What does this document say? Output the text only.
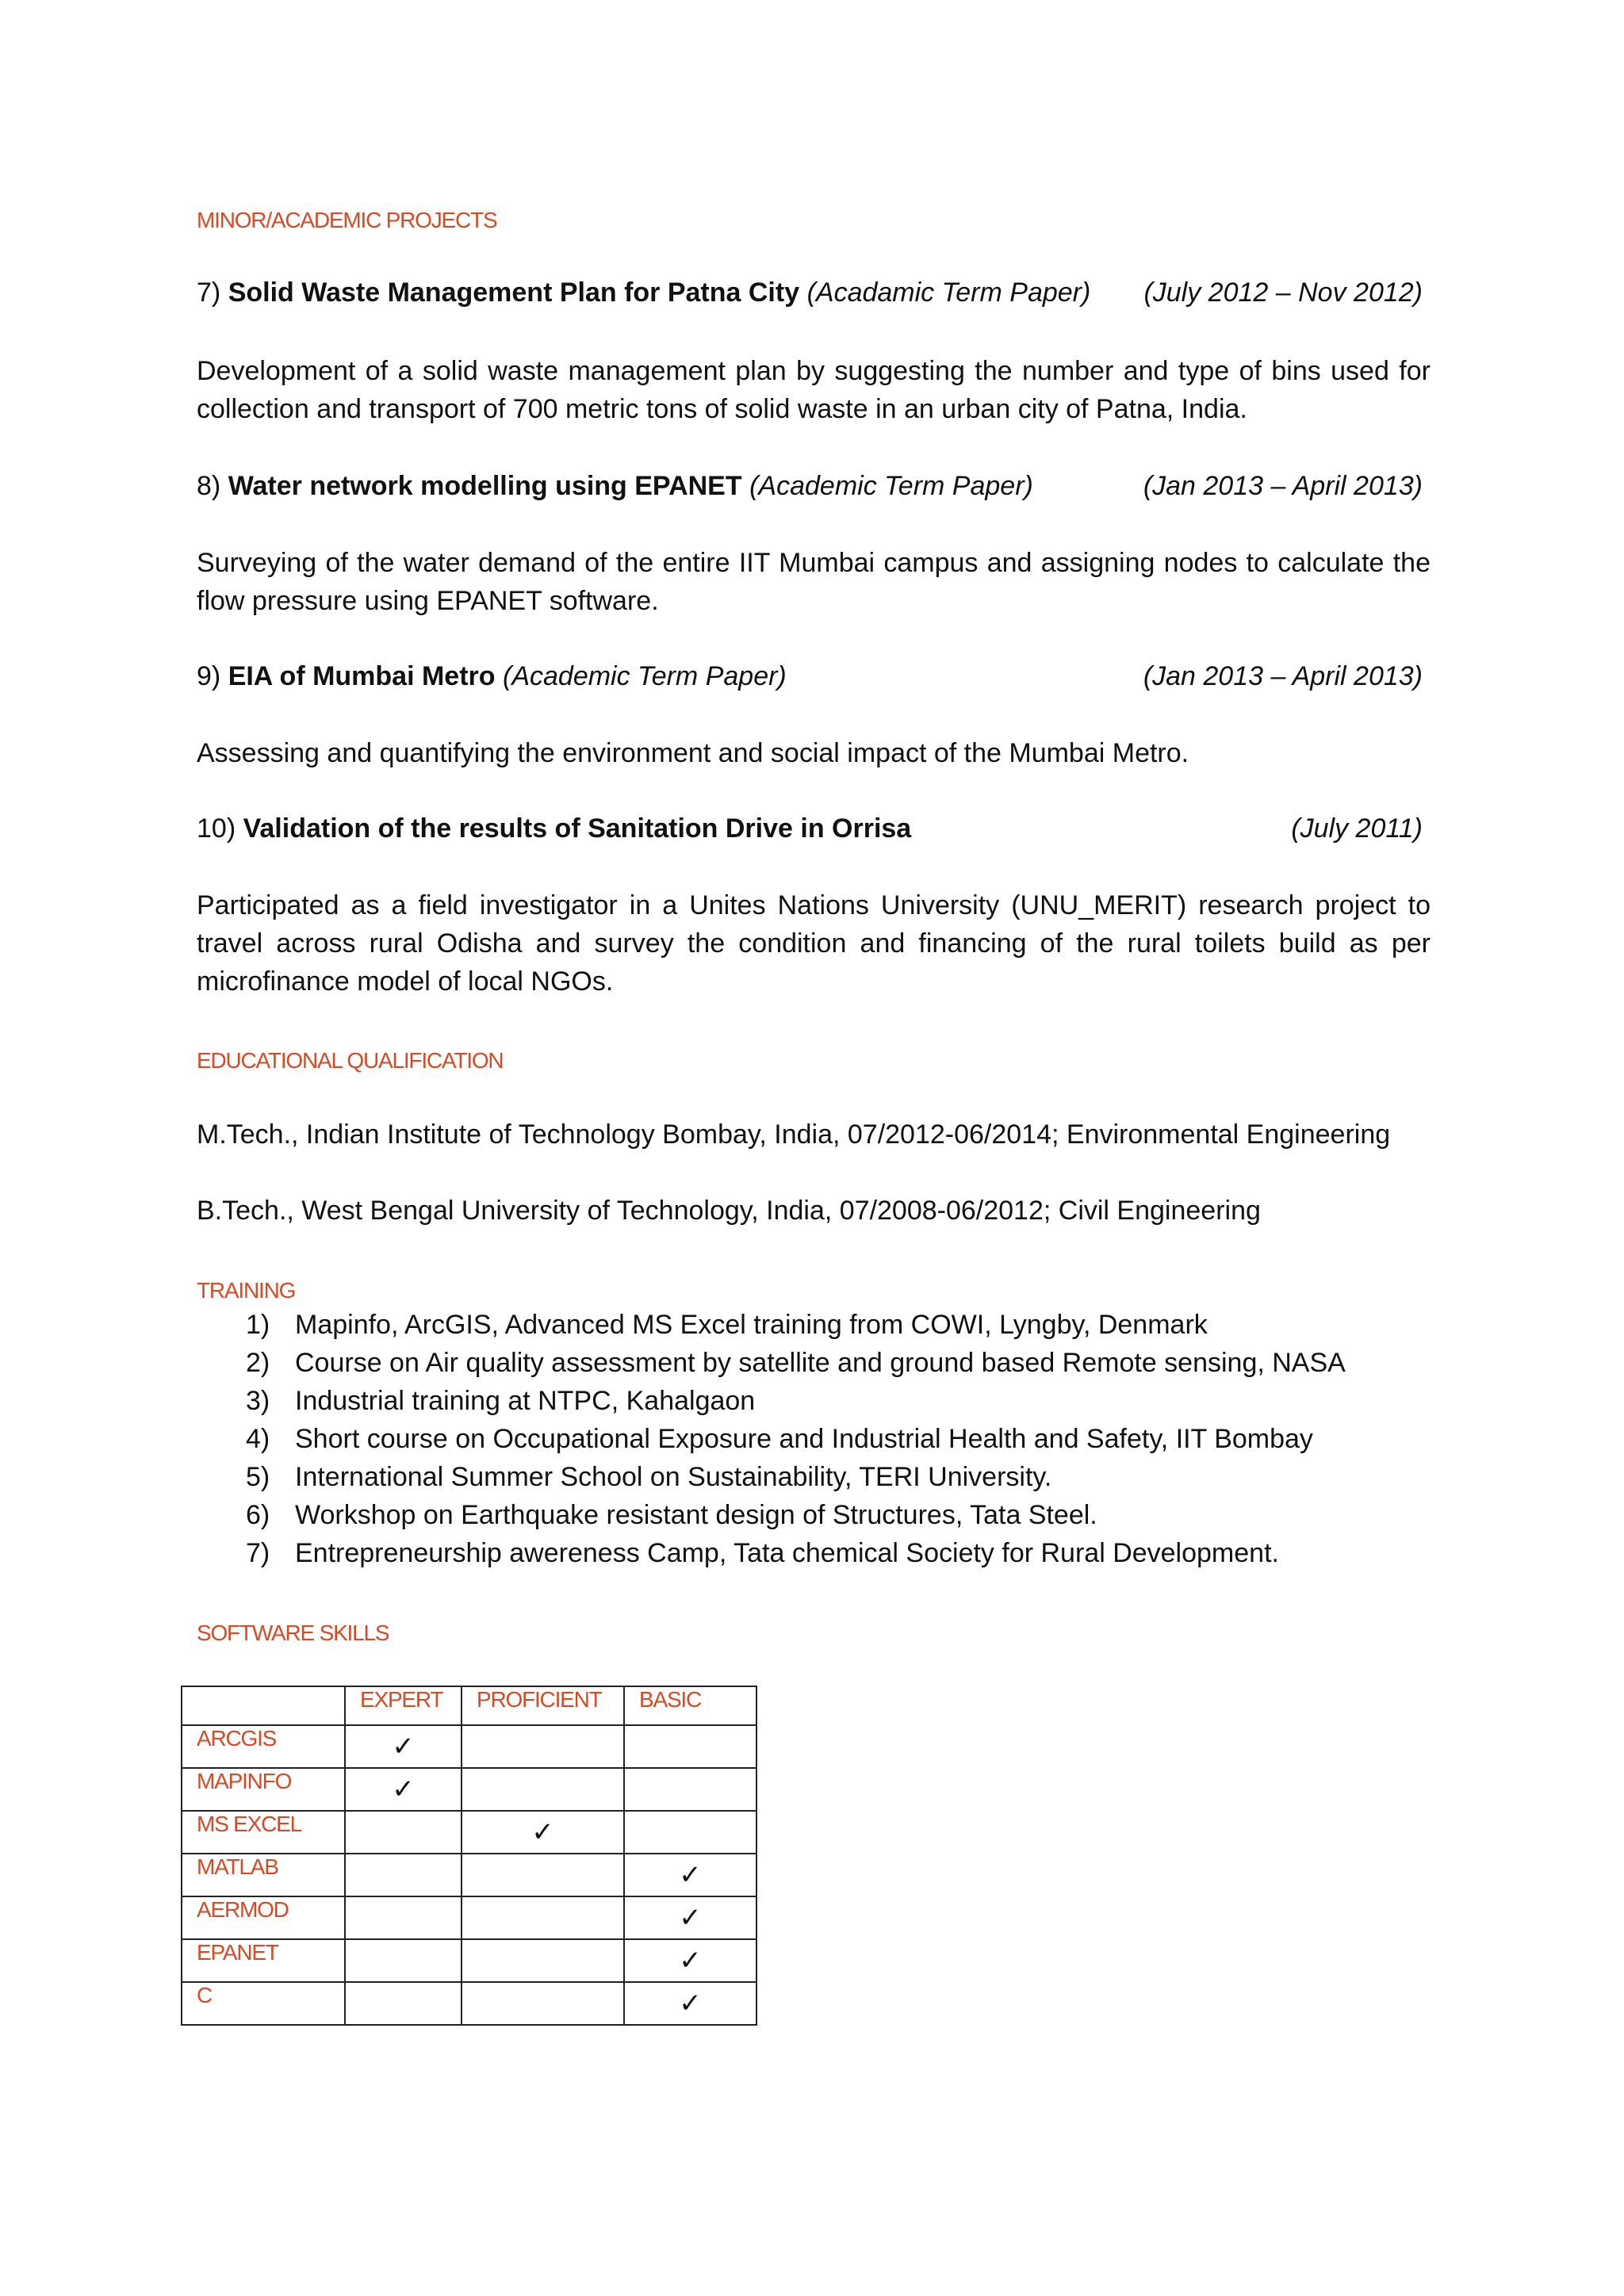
MINOR/ACADEMIC PROJECTS
7) Solid Waste Management Plan for Patna City (Acadamic Term Paper) (July 2012 – Nov 2012)
Development of a solid waste management plan by suggesting the number and type of bins used for collection and transport of 700 metric tons of solid waste in an urban city of Patna, India.
8) Water network modelling using EPANET (Academic Term Paper)	(Jan 2013 – April 2013)
Surveying of the water demand of the entire IIT Mumbai campus and assigning nodes to calculate the flow pressure using EPANET software.
9) EIA of Mumbai Metro (Academic Term Paper)	(Jan 2013 – April 2013)
Assessing and quantifying the environment and social impact of the Mumbai Metro.
10) Validation of the results of Sanitation Drive in Orrisa	(July 2011)
Participated as a field investigator in a Unites Nations University (UNU_MERIT) research project to travel across rural Odisha and survey the condition and financing of the rural toilets build as per microfinance model of local NGOs.
EDUCATIONAL QUALIFICATION
M.Tech., Indian Institute of Technology Bombay, India, 07/2012-06/2014; Environmental Engineering
B.Tech., West Bengal University of Technology, India, 07/2008-06/2012; Civil Engineering
TRAINING
1) Mapinfo, ArcGIS, Advanced MS Excel training from COWI, Lyngby, Denmark
2) Course on Air quality assessment by satellite and ground based Remote sensing, NASA
3) Industrial training at NTPC, Kahalgaon
4) Short course on Occupational Exposure and Industrial Health and Safety, IIT Bombay
5) International Summer School on Sustainability, TERI University.
6) Workshop on Earthquake resistant design of Structures, Tata Steel.
7) Entrepreneurship awereness Camp, Tata chemical Society for Rural Development.
SOFTWARE SKILLS
	EXPERT	PROFICIENT	BASIC
ARCGIS	✓		
MAPINFO	✓		
MS EXCEL		✓	
MATLAB			✓
AERMOD			✓
EPANET			✓
C			✓
